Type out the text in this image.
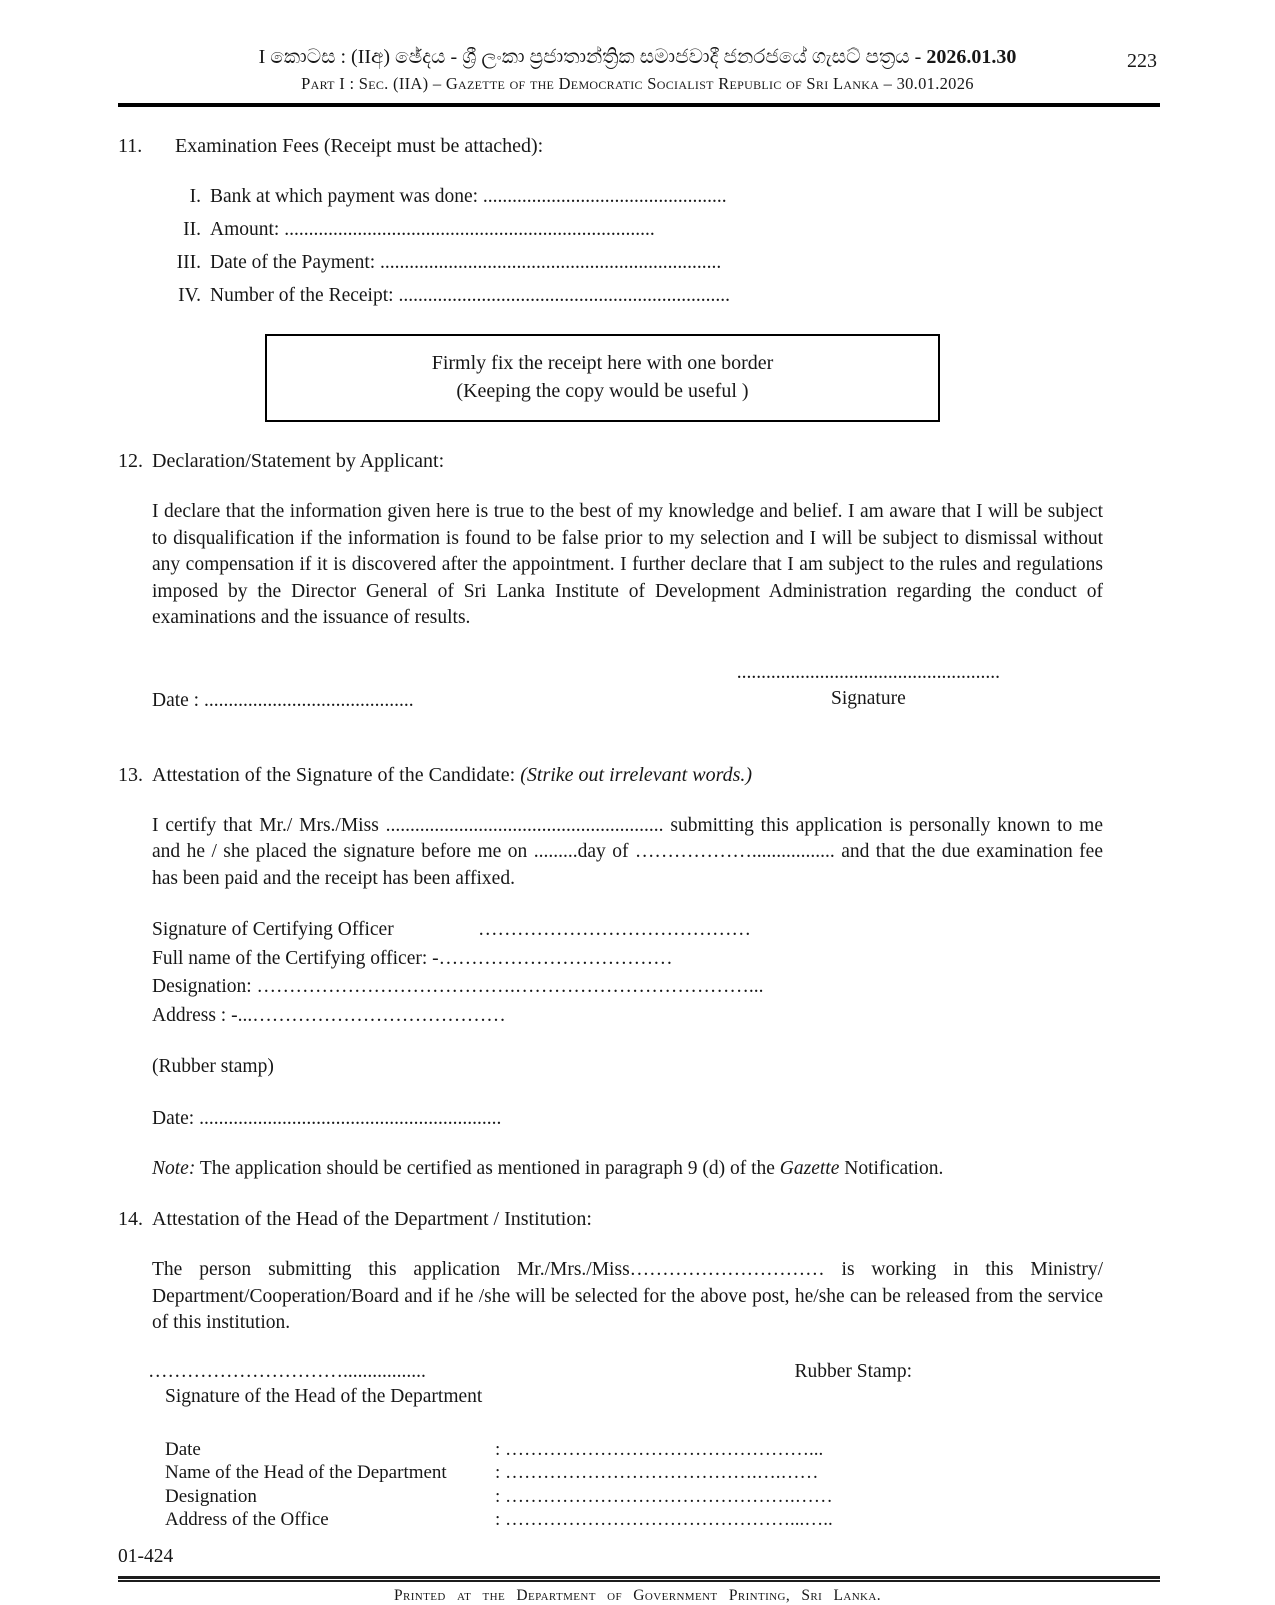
223
I කොටස : (IIඅ) ඡේදය - ශ්‍රී ලංකා ප්‍රජාතාන්ත්‍රික සමාජවාදී ජනරජයේ ගැසට් පත්‍රය - 2026.01.30
Part I : Sec. (IIA) – Gazette of the Democratic Socialist Republic of Sri Lanka – 30.01.2026
11.	Examination Fees (Receipt must be attached):
I. Bank at which payment was done: ..................................................
II. Amount: ............................................................................
III. Date of the Payment: ......................................................................
IV. Number of the Receipt: ....................................................................
Firmly fix the receipt here with one border
(Keeping the copy would be useful )
12. Declaration/Statement by Applicant:
I declare that the information given here is true to the best of my knowledge and belief. I am aware that I will be subject to disqualification if the information is found to be false prior to my selection and I will be subject to dismissal without any compensation if it is discovered after the appointment. I further declare that I am subject to the rules and regulations imposed by the Director General of Sri Lanka Institute of Development Administration regarding the conduct of examinations and the issuance of results.
Date : ...........................................
......................................................
Signature
13. Attestation of the Signature of the Candidate: (Strike out irrelevant words.)
I certify that Mr./ Mrs./Miss ......................................................... submitting this application is personally known to me and he / she placed the signature before me on .........day of ………………................. and that the due examination fee has been paid and the receipt has been affixed.
Signature of Certifying Officer	……………………………………
Full name of the Certifying officer: -………………………………
Designation: ………………………………….………………………………...
Address : -...…………………………………
(Rubber stamp)
Date: ..............................................................
Note: The application should be certified as mentioned in paragraph 9 (d) of the Gazette Notification.
14. Attestation of the Head of the Department / Institution:
The person submitting this application Mr./Mrs./Miss………………………… is working in this Ministry/ Department/Cooperation/Board and if he /she will be selected for the above post, he/she can be released from the service of this institution.
………………………….................	Rubber Stamp:
Signature of the Head of the Department
Date	: …………………………………………...
Name of the Head of the Department	: ………………………………….….……
Designation	: ……………………………………….……
Address of the Office	: ………………………………………...…..
01-424
Printed at the Department of Government Printing, Sri Lanka.
